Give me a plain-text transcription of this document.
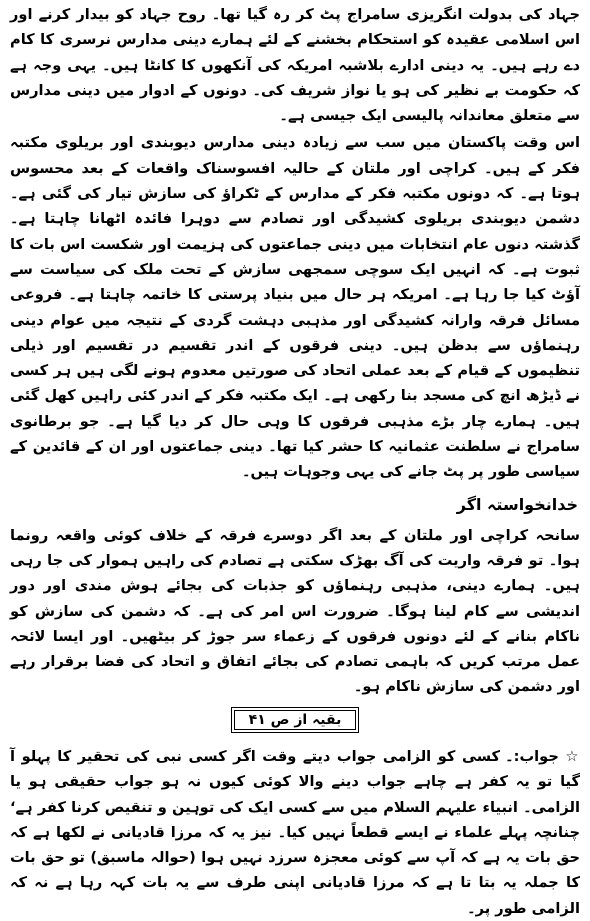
جہاد کی بدولت انگریزی سامراج پٹ کر رہ گیا تھا۔ روح جہاد کو بیدار کرنے اور اس اسلامی عقیدہ کو استحکام بخشنے کے لئے ہمارے دینی مدارس نرسری کا کام دے رہے ہیں۔ یہ دینی ادارے بلاشبہ امریکہ کی آنکھوں کا کانٹا ہیں۔ یہی وجہ ہے کہ حکومت بے نظیر کی ہو یا نواز شریف کی۔ دونوں کے ادوار میں دینی مدارس سے متعلق معاندانہ پالیسی ایک جیسی ہے۔

اس وقت پاکستان میں سب سے زیادہ دینی مدارس دیوبندی اور بریلوی مکتبہ فکر کے ہیں۔ کراچی اور ملتان کے حالیہ افسوسناک واقعات کے بعد محسوس ہوتا ہے۔ کہ دونوں مکتبہ فکر کے مدارس کے ٹکراؤ کی سازش تیار کی گئی ہے۔ دشمن دیوبندی بریلوی کشیدگی اور تصادم سے دوہرا فائدہ اٹھانا چاہتا ہے۔ گذشتہ دنوں عام انتخابات میں دینی جماعتوں کی ہزیمت اور شکست اس بات کا ثبوت ہے۔ کہ انہیں ایک سوچی سمجھی سازش کے تحت ملک کی سیاست سے آؤٹ کیا جا رہا ہے۔ امریکہ ہر حال میں بنیاد پرستی کا خاتمہ چاہتا ہے۔ فروعی مسائل فرقہ وارانہ کشیدگی اور مذہبی دہشت گردی کے نتیجہ میں عوام دینی رہنماؤں سے بدظن ہیں۔ دینی فرقوں کے اندر تقسیم در تقسیم اور ذیلی تنظیموں کے قیام کے بعد عملی اتحاد کی صورتیں معدوم ہونے لگی ہیں ہر کسی نے ڈیڑھ انچ کی مسجد بنا رکھی ہے۔ ایک مکتبہ فکر کے اندر کئی راہیں کھل گئی ہیں۔ ہمارے چار بڑے مذہبی فرقوں کا وہی حال کر دیا گیا ہے۔ جو برطانوی سامراج نے سلطنت عثمانیہ کا حشر کیا تھا۔ دینی جماعتوں اور ان کے قائدین کے سیاسی طور پر پٹ جانے کی یہی وجوہات ہیں۔

خدانخواستہ اگر

سانحہ کراچی اور ملتان کے بعد اگر دوسرے فرقہ کے خلاف کوئی واقعہ رونما ہوا۔ تو فرقہ واریت کی آگ بھڑک سکتی ہے تصادم کی راہیں ہموار کی جا رہی ہیں۔ ہمارے دینی، مذہبی رہنماؤں کو جذبات کی بجائے ہوش مندی اور دور اندیشی سے کام لینا ہوگا۔ ضرورت اس امر کی ہے۔ کہ دشمن کی سازش کو ناکام بنانے کے لئے دونوں فرقوں کے زعماء سر جوڑ کر بیٹھیں۔ اور ایسا لائحہ عمل مرتب کریں کہ باہمی تصادم کی بجائے اتفاق و اتحاد کی فضا برقرار رہے اور دشمن کی سازش ناکام ہو۔

بقیہ از ص ۴۱

☆ جواب:۔ کسی کو الزامی جواب دیتے وقت اگر کسی نبی کی تحقیر کا پہلو آ گیا تو یہ کفر ہے چاہے جواب دینے والا کوئی کیوں نہ ہو جواب حقیقی ہو یا الزامی۔ انبیاء علیہم السلام میں سے کسی ایک کی توہین و تنقیص کرنا کفر ہے‘ چنانچہ پہلے علماء نے ایسے قطعاً نہیں کیا۔ نیز یہ کہ مرزا قادیانی نے لکھا ہے کہ حق بات یہ ہے کہ آپ سے کوئی معجزہ سرزد نہیں ہوا (حوالہ ماسبق) تو حق بات کا جملہ یہ بتا تا ہے کہ مرزا قادیانی اپنی طرف سے یہ بات کہہ رہا ہے نہ کہ الزامی طور پر۔
